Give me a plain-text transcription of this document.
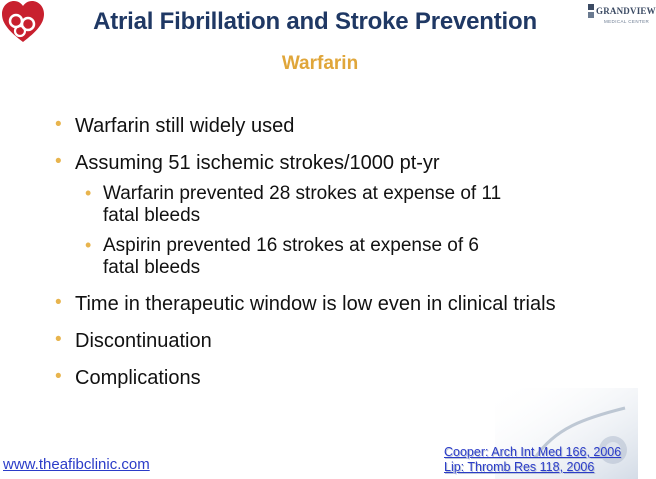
GRANDVIEW
MEDICAL CENTER
Atrial Fibrillation and Stroke Prevention
Warfarin
• Warfarin still widely used
• Assuming 51 ischemic strokes/1000 pt-yr
• Warfarin prevented 28 strokes at expense of 11 fatal bleeds
• Aspirin prevented 16 strokes at expense of 6 fatal bleeds
• Time in therapeutic window is low even in clinical trials
• Discontinuation
• Complications
www.theafibclinic.com
Cooper: Arch Int Med 166, 2006
Lip: Thromb Res 118, 2006
